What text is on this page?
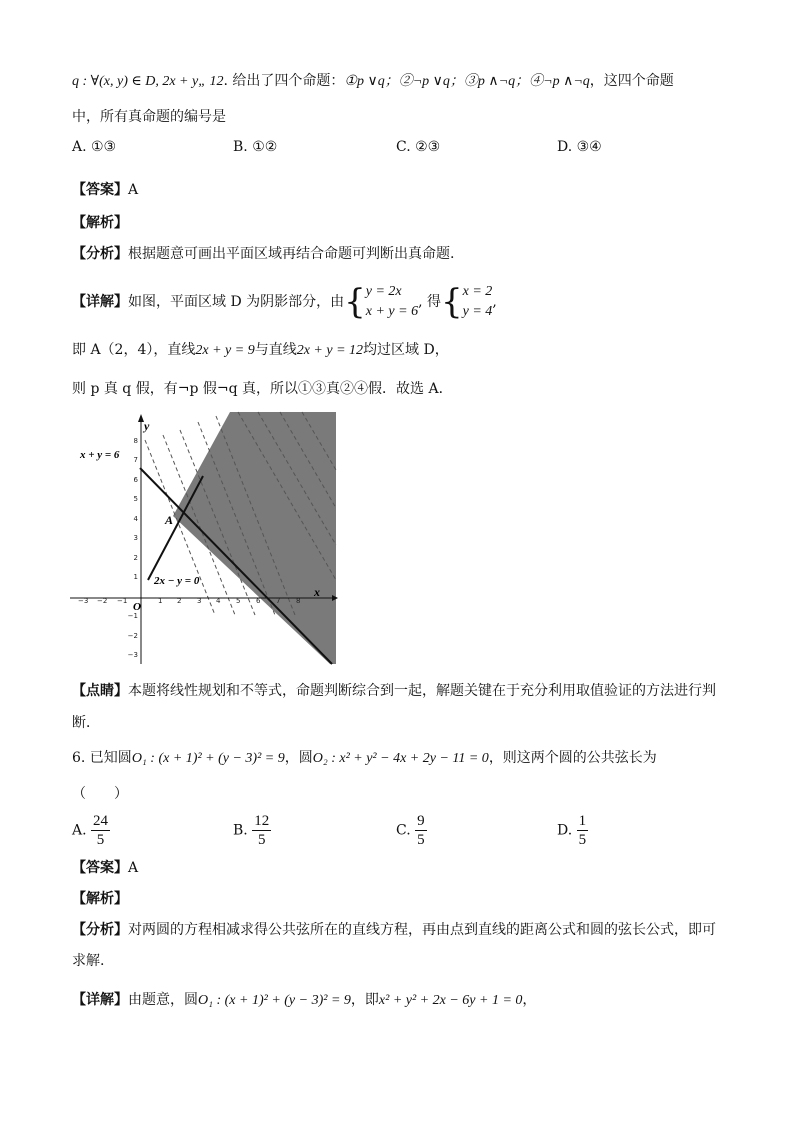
q : ∀(x, y) ∈ D, 2x + y„ 12. 给出了四个命题：①p ∨q；②¬p ∨q；③p ∧¬q；④¬p ∧¬q，这四个命题
中，所有真命题的编号是
A. ①③	B. ①②	C. ②③	D. ③④
【答案】A
【解析】
【分析】根据题意可画出平面区域再结合命题可判断出真命题.
【详解】如图，平面区域 D 为阴影部分，由{ y = 2x
x + y = 6
, 得{ x = 2
y = 4
,
即 A（2，4），直线2x + y = 9与直线2x + y = 12均过区域 D，
则 p 真 q 假，有¬p 假¬q 真，所以①③真②④假．故选 A．
x + y = 6
2x − y = 0
A
O
x
y
−3 −2 −1	1 2 3 4 5 6 7 8
8
7
6
5
4
3
2
1
−1
−2
−3
【点睛】本题将线性规划和不等式，命题判断综合到一起，解题关键在于充分利用取值验证的方法进行判
断．
6. 已知圆O₁ : (x + 1)² + (y − 3)² = 9，圆O₂ : x² + y² − 4x + 2y − 11 = 0，则这两个圆的公共弦长为
（　　）
A. $\frac{24}{5}$	B. $\frac{12}{5}$	C. $\frac{9}{5}$	D. $\frac{1}{5}$
【答案】A
【解析】
【分析】对两圆的方程相减求得公共弦所在的直线方程，再由点到直线的距离公式和圆的弦长公式，即可
求解.
【详解】由题意，圆O₁ : (x + 1)² + (y − 3)² = 9，即x² + y² + 2x − 6y + 1 = 0，
